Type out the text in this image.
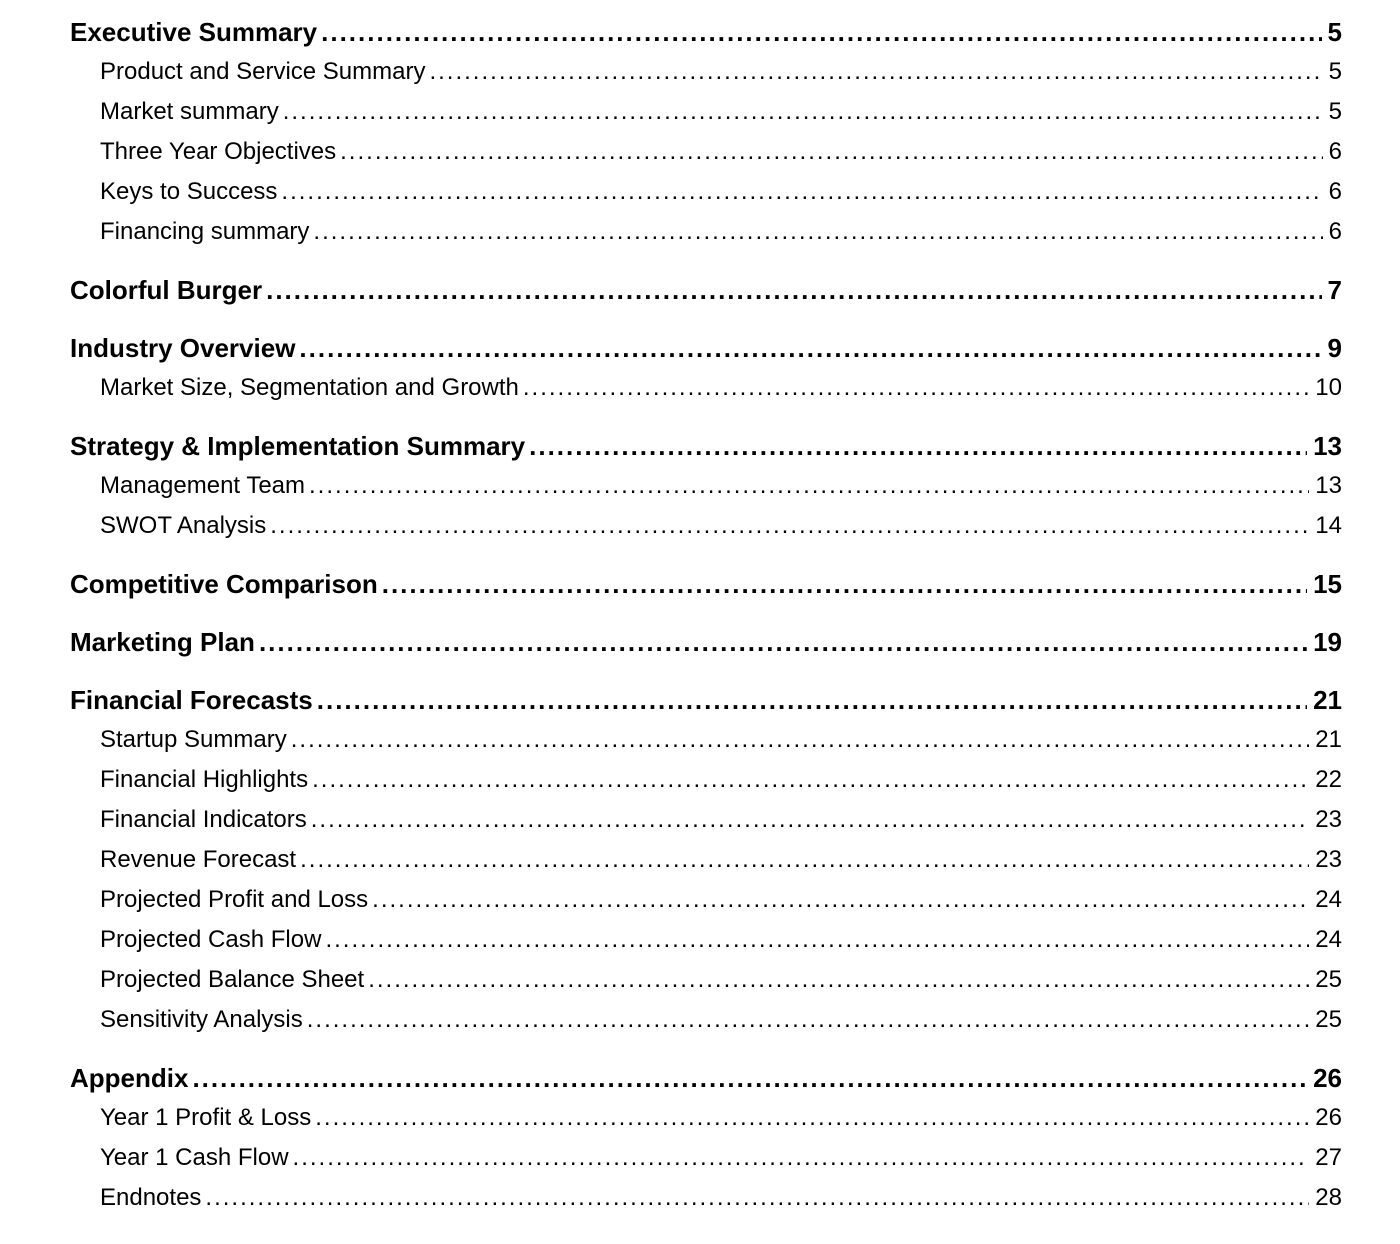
Executive Summary .....	5
Product and Service Summary .....	5
Market summary .....	5
Three Year Objectives .....	6
Keys to Success .....	6
Financing summary .....	6
Colorful Burger .....	7
Industry Overview .....	9
Market Size, Segmentation and Growth .....	10
Strategy & Implementation Summary .....	13
Management Team .....	13
SWOT Analysis .....	14
Competitive Comparison .....	15
Marketing Plan .....	19
Financial Forecasts .....	21
Startup Summary .....	21
Financial Highlights .....	22
Financial Indicators .....	23
Revenue Forecast .....	23
Projected Profit and Loss .....	24
Projected Cash Flow .....	24
Projected Balance Sheet .....	25
Sensitivity Analysis .....	25
Appendix .....	26
Year 1 Profit & Loss .....	26
Year 1 Cash Flow .....	27
Endnotes .....	28
